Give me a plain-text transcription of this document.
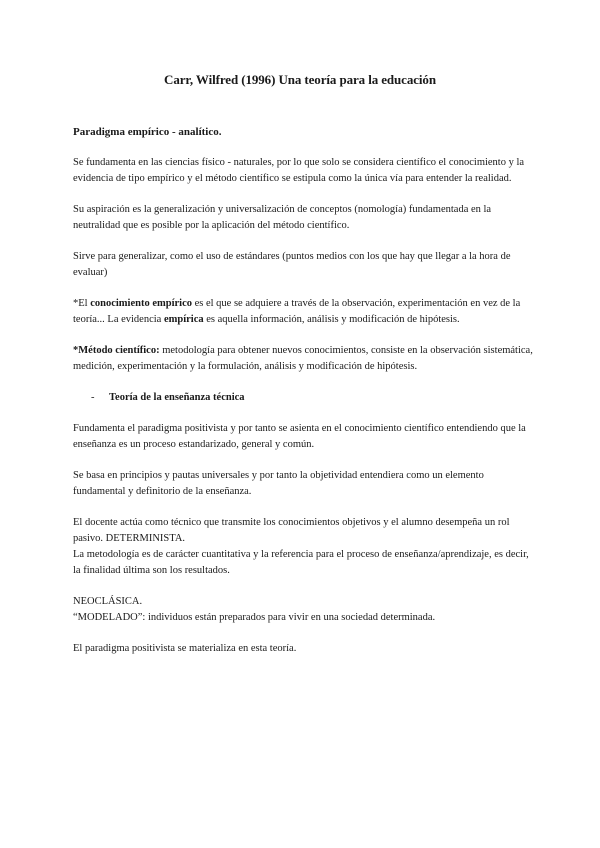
Carr, Wilfred (1996) Una teoría para la educación

Paradigma empírico - analítico.

Se fundamenta en las ciencias físico - naturales, por lo que solo se considera científico el conocimiento y la evidencia de tipo empírico y el método científico se estipula como la única vía para entender la realidad.

Su aspiración es la generalización y universalización de conceptos (nomología) fundamentada en la neutralidad que es posible por la aplicación del método científico.

Sirve para generalizar, como el uso de estándares (puntos medios con los que hay que llegar a la hora de evaluar)

*El conocimiento empírico es el que se adquiere a través de la observación, experimentación en vez de la teoría... La evidencia empírica es aquella información, análisis y modificación de hipótesis.

*Método científico: metodología para obtener nuevos conocimientos, consiste en la observación sistemática, medición, experimentación y la formulación, análisis y modificación de hipótesis.

-	Teoría de la enseñanza técnica

Fundamenta el paradigma positivista y por tanto se asienta en el conocimiento científico entendiendo que la enseñanza es un proceso estandarizado, general y común.

Se basa en principios y pautas universales y por tanto la objetividad entendiera como un elemento fundamental y definitorio de la enseñanza.

El docente actúa como técnico que transmite los conocimientos objetivos y el alumno desempeña un rol pasivo. DETERMINISTA.

La metodología es de carácter cuantitativa y la referencia para el proceso de enseñanza/aprendizaje, es decir, la finalidad última son los resultados.

NEOCLÁSICA.

“MODELADO”: individuos están preparados para vivir en una sociedad determinada.

El paradigma positivista se materializa en esta teoría.
